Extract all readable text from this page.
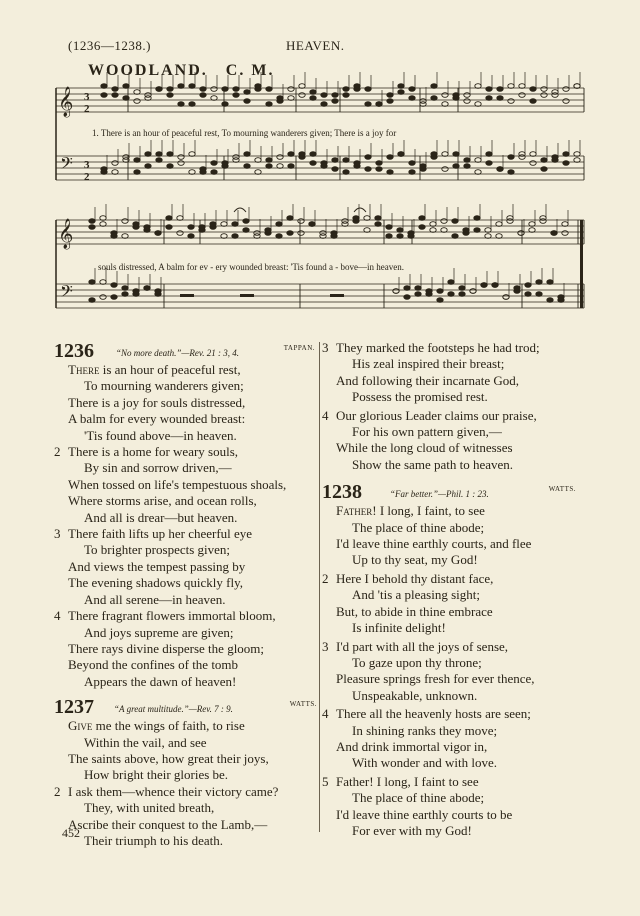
(1236—1238.)	HEAVEN.
WOODLAND. C. M.
𝄞
𝄢
3
2
3
2
𝄞
𝄢
1. There is an hour of peaceful rest, To mourning wanderers given; There is a joy for
souls distressed, A balm for ev - ery wounded breast: 'Tis found a - bove—in heaven.
1236 “No more death.”—Rev. 21 : 3, 4.	TAPPAN.
There is an hour of peaceful rest,
To mourning wanderers given;
There is a joy for souls distressed,
A balm for every wounded breast:
'Tis found above—in heaven.
2 There is a home for weary souls,
By sin and sorrow driven,—
When tossed on life's tempestuous shoals,
Where storms arise, and ocean rolls,
And all is drear—but heaven.
3 There faith lifts up her cheerful eye
To brighter prospects given;
And views the tempest passing by
The evening shadows quickly fly,
And all serene—in heaven.
4 There fragrant flowers immortal bloom,
And joys supreme are given;
There rays divine disperse the gloom;
Beyond the confines of the tomb
Appears the dawn of heaven!
1237 “A great multitude.”—Rev. 7 : 9.	WATTS.
Give me the wings of faith, to rise
Within the vail, and see
The saints above, how great their joys,
How bright their glories be.
2 I ask them—whence their victory came?
They, with united breath,
Ascribe their conquest to the Lamb,—
Their triumph to his death.
452
3 They marked the footsteps he had trod;
His zeal inspired their breast;
And following their incarnate God,
Possess the promised rest.
4 Our glorious Leader claims our praise,
For his own pattern given,—
While the long cloud of witnesses
Show the same path to heaven.
1238	“Far better.”—Phil. 1 : 23.	WATTS.
Father! I long, I faint, to see
The place of thine abode;
I'd leave thine earthly courts, and flee
Up to thy seat, my God!
2 Here I behold thy distant face,
And 'tis a pleasing sight;
But, to abide in thine embrace
Is infinite delight!
3 I'd part with all the joys of sense,
To gaze upon thy throne;
Pleasure springs fresh for ever thence,
Unspeakable, unknown.
4 There all the heavenly hosts are seen;
In shining ranks they move;
And drink immortal vigor in,
With wonder and with love.
5 Father! I long, I faint to see
The place of thine abode;
I'd leave thine earthly courts to be
For ever with my God!
